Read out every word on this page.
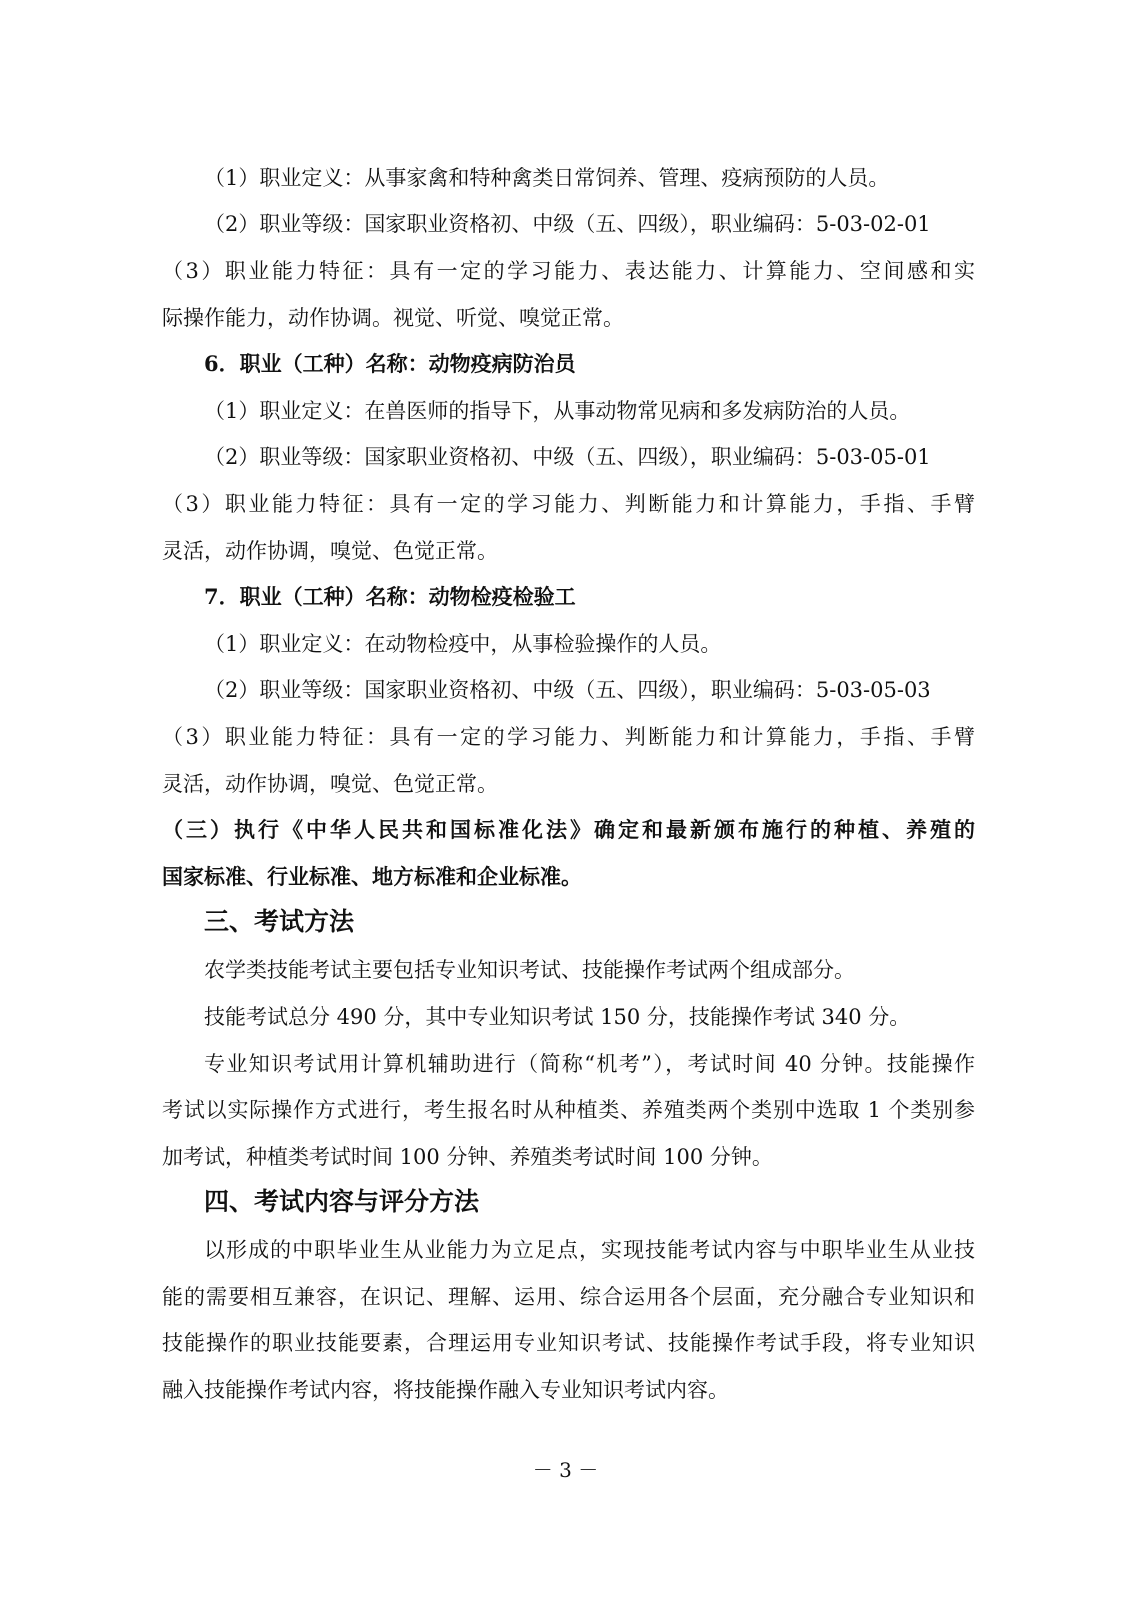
（1）职业定义：从事家禽和特种禽类日常饲养、管理、疫病预防的人员。
（2）职业等级：国家职业资格初、中级（五、四级），职业编码：5-03-02-01
（3）职业能力特征：具有一定的学习能力、表达能力、计算能力、空间感和实
际操作能力，动作协调。视觉、听觉、嗅觉正常。
6．职业（工种）名称：动物疫病防治员
（1）职业定义：在兽医师的指导下，从事动物常见病和多发病防治的人员。
（2）职业等级：国家职业资格初、中级（五、四级），职业编码：5-03-05-01
（3）职业能力特征：具有一定的学习能力、判断能力和计算能力，手指、手臂
灵活，动作协调，嗅觉、色觉正常。
7．职业（工种）名称：动物检疫检验工
（1）职业定义：在动物检疫中，从事检验操作的人员。
（2）职业等级：国家职业资格初、中级（五、四级），职业编码：5-03-05-03
（3）职业能力特征：具有一定的学习能力、判断能力和计算能力，手指、手臂
灵活，动作协调，嗅觉、色觉正常。
（三）执行《中华人民共和国标准化法》确定和最新颁布施行的种植、养殖的
国家标准、行业标准、地方标准和企业标准。
三、考试方法
农学类技能考试主要包括专业知识考试、技能操作考试两个组成部分。
技能考试总分 490 分，其中专业知识考试 150 分，技能操作考试 340 分。
专业知识考试用计算机辅助进行（简称“机考”），考试时间 40 分钟。技能操作
考试以实际操作方式进行，考生报名时从种植类、养殖类两个类别中选取 1 个类别参
加考试，种植类考试时间 100 分钟、养殖类考试时间 100 分钟。
四、考试内容与评分方法
以形成的中职毕业生从业能力为立足点，实现技能考试内容与中职毕业生从业技
能的需要相互兼容，在识记、理解、运用、综合运用各个层面，充分融合专业知识和
技能操作的职业技能要素，合理运用专业知识考试、技能操作考试手段，将专业知识
融入技能操作考试内容，将技能操作融入专业知识考试内容。
－ 3 －
